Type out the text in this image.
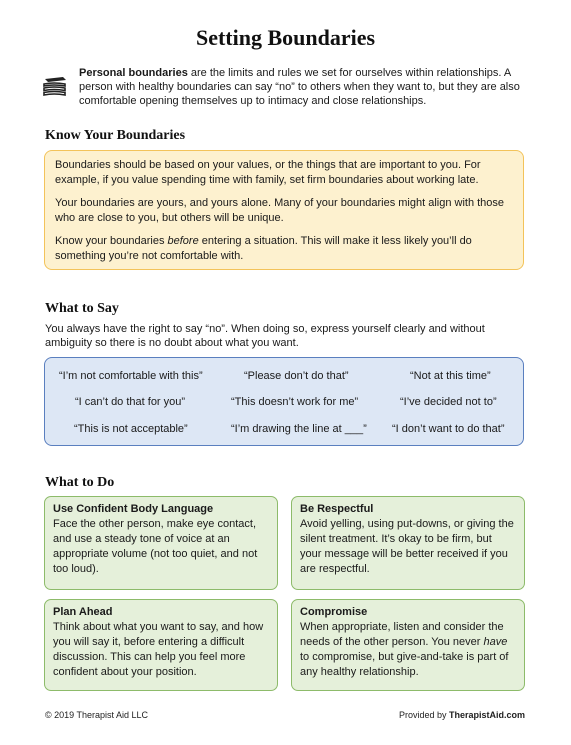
Setting Boundaries
Personal boundaries are the limits and rules we set for ourselves within relationships. A person with healthy boundaries can say “no” to others when they want to, but they are also comfortable opening themselves up to intimacy and close relationships.
Know Your Boundaries

Boundaries should be based on your values, or the things that are important to you. For example, if you value spending time with family, set firm boundaries about working late.

Your boundaries are yours, and yours alone. Many of your boundaries might align with those who are close to you, but others will be unique.

Know your boundaries before entering a situation. This will make it less likely you’ll do something you’re not comfortable with.

What to Say
You always have the right to say “no”. When doing so, express yourself clearly and without ambiguity so there is no doubt about what you want.
“I’m not comfortable with this”	“Please don’t do that”	“Not at this time”
“I can’t do that for you”	“This doesn’t work for me”	“I’ve decided not to”
“This is not acceptable”	“I’m drawing the line at ___” “I don’t want to do that”
What to Do
Use Confident Body Language
Face the other person, make eye contact, and use a steady tone of voice at an appropriate volume (not too quiet, and not too loud).
Be Respectful
Avoid yelling, using put-downs, or giving the silent treatment. It’s okay to be firm, but your message will be better received if you are respectful.
Plan Ahead
Think about what you want to say, and how you will say it, before entering a difficult discussion. This can help you feel more confident about your position.
Compromise
When appropriate, listen and consider the needs of the other person. You never have to compromise, but give-and-take is part of any healthy relationship.
© 2019 Therapist Aid LLC	Provided by TherapistAid.com
